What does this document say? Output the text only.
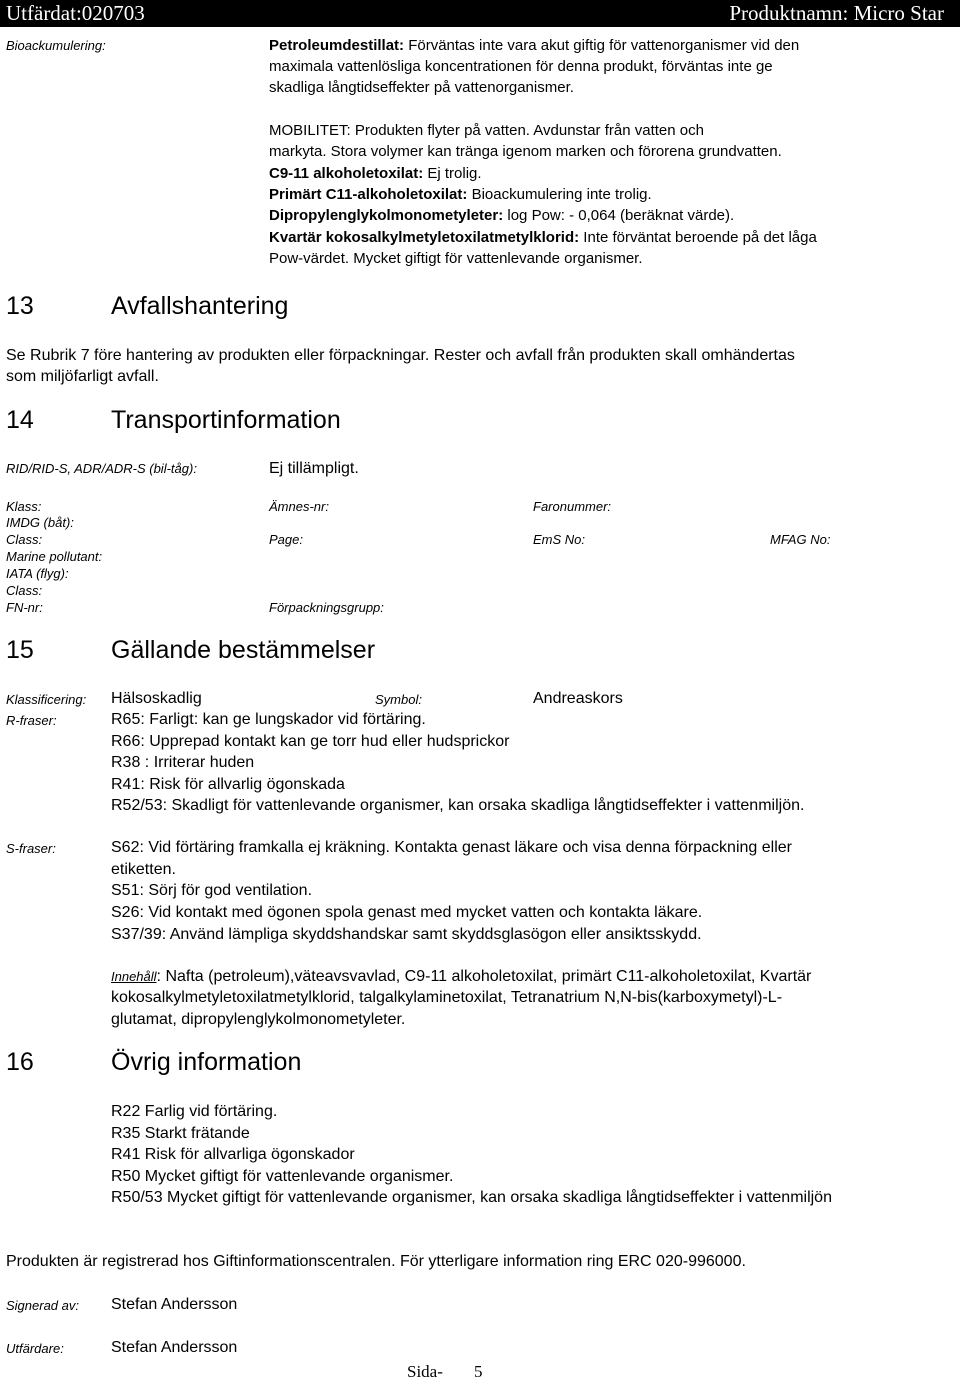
Utfärdat:020703	Produktnamn: Micro Star
Bioackumulering:	Petroleumdestillat: Förväntas inte vara akut giftig för vattenorganismer vid den
maximala vattenlösliga koncentrationen för denna produkt, förväntas inte ge
skadliga långtidseffekter på vattenorganismer.
MOBILITET: Produkten flyter på vatten. Avdunstar från vatten och
markyta. Stora volymer kan tränga igenom marken och förorena grundvatten.
C9-11 alkoholetoxilat: Ej trolig.
Primärt C11-alkoholetoxilat: Bioackumulering inte trolig.
Dipropylenglykolmonometyleter: log Pow: - 0,064 (beräknat värde).
Kvartär kokosalkylmetyletoxilatmetylklorid: Inte förväntat beroende på det låga
Pow-värdet. Mycket giftigt för vattenlevande organismer.
13	Avfallshantering
Se Rubrik 7 före hantering av produkten eller förpackningar. Rester och avfall från produkten skall omhändertas
som miljöfarligt avfall.
14	Transportinformation
RID/RID-S, ADR/ADR-S (bil-tåg):	Ej tillämpligt.
Klass:	Ämnes-nr:	Faronummer:
IMDG (båt):
Class:	Page:	EmS No:	MFAG No:
Marine pollutant:
IATA (flyg):
Class:
FN-nr:	Förpackningsgrupp:
15	Gällande bestämmelser
Klassificering: Hälsoskadlig	Symbol:	Andreaskors
R-fraser:	R65: Farligt: kan ge lungskador vid förtäring.
R66: Upprepad kontakt kan ge torr hud eller hudsprickor
R38 : Irriterar huden
R41: Risk för allvarlig ögonskada
R52/53: Skadligt för vattenlevande organismer, kan orsaka skadliga långtidseffekter i vattenmiljön.
S-fraser:	S62: Vid förtäring framkalla ej kräkning. Kontakta genast läkare och visa denna förpackning eller
etiketten.
S51: Sörj för god ventilation.
S26: Vid kontakt med ögonen spola genast med mycket vatten och kontakta läkare.
S37/39: Använd lämpliga skyddshandskar samt skyddsglasögon eller ansiktsskydd.
Innehåll: Nafta (petroleum),väteavsvavlad, C9-11 alkoholetoxilat, primärt C11-alkoholetoxilat, Kvartär
kokosalkylmetyletoxilatmetylklorid, talgalkylaminetoxilat, Tetranatrium N,N-bis(karboxymetyl)-L-
glutamat, dipropylenglykolmonometyleter.
16	Övrig information
R22 Farlig vid förtäring.
R35 Starkt frätande
R41 Risk för allvarliga ögonskador
R50 Mycket giftigt för vattenlevande organismer.
R50/53 Mycket giftigt för vattenlevande organismer, kan orsaka skadliga långtidseffekter i vattenmiljön
Produkten är registrerad hos Giftinformationscentralen. För ytterligare information ring ERC 020-996000.
Signerad av: Stefan Andersson
Utfärdare:	Stefan Andersson
Sida- 5
